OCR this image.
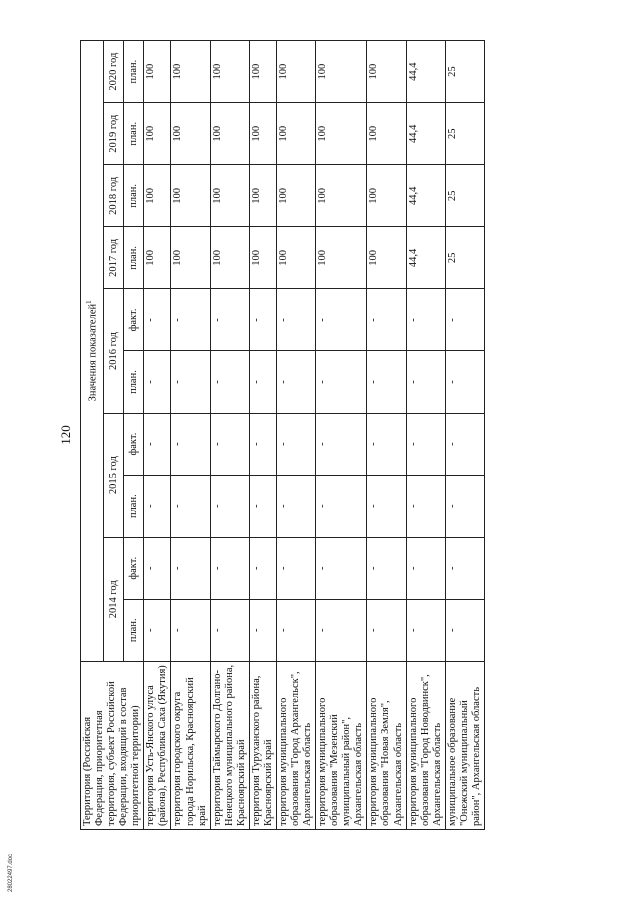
28022497.doc
120
Территория (Российская Федерация, приоритетная территория, субъект Российской Федерации, входящий в состав приоритетной территории)	Значения показателей$^1$
	2014 год		2015 год		2016 год		2017 год	2018 год	2019 год	2020 год
	план.	факт.	план.	факт.	план.	факт.	план.	план.	план.	план.
территория Усть-Янского улуса (района), Республика Саха (Якутия)	-	-	-	-	-	-	100	100	100	100
территория городского округа города Норильска, Красноярский край	-	-	-	-	-	-	100	100	100	100
территория Таймырского Долгано-Ненецкого муниципального района, Красноярский край	-	-	-	-	-	-	100	100	100	100
территория Туруханского района, Красноярский край	-	-	-	-	-	-	100	100	100	100
территория муниципального образования "Город Архангельск", Архангельская область	-	-	-	-	-	-	100	100	100	100
территория муниципального образования "Мезенский муниципальный район", Архангельская область	-	-	-	-	-	-	100	100	100	100
территория муниципального образования "Новая Земля", Архангельская область	-	-	-	-	-	-	100	100	100	100
территория муниципального образования "Город Новодвинск", Архангельская область	-	-	-	-	-	-	44,4	44,4	44,4	44,4
муниципальное образование "Онежский муниципальный район", Архангельская область	-	-	-	-	-	-	25	25	25	25
